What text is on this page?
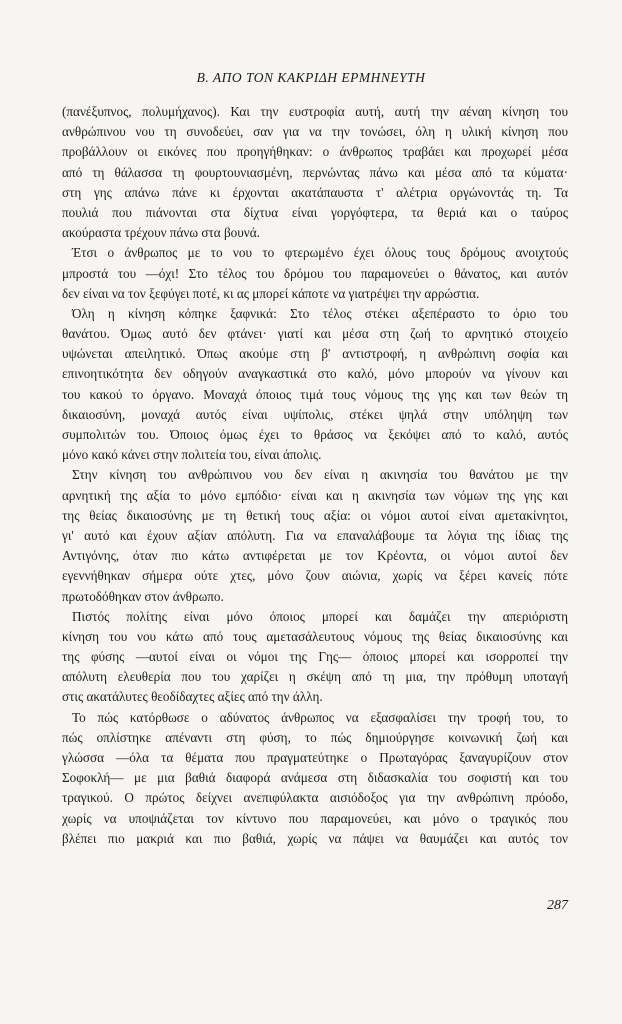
Β. ΑΠΟ ΤΟΝ ΚΑΚΡΙΔΗ ΕΡΜΗΝΕΥΤΗ
(πανέξυπνος, πολυμήχανος). Και την ευστροφία αυτή, αυτή την αέναη κίνηση του
ανθρώπινου νου τη συνοδεύει, σαν για να την τονώσει, όλη η υλική κίνηση που
προβάλλουν οι εικόνες που προηγήθηκαν: ο άνθρωπος τραβάει και προχωρεί μέσα
από τη θάλασσα τη φουρτουνιασμένη, περνώντας πάνω και μέσα από τα κύματα·
στη γης απάνω πάνε κι έρχονται ακατάπαυστα τ' αλέτρια οργώνοντάς τη. Τα
πουλιά που πιάνονται στα δίχτυα είναι γοργόφτερα, τα θεριά και ο ταύρος
ακούραστα τρέχουν πάνω στα βουνά.
Έτσι ο άνθρωπος με το νου το φτερωμένο έχει όλους τους δρόμους ανοιχτούς
μπροστά του —όχι! Στο τέλος του δρόμου του παραμονεύει ο θάνατος, και αυτόν
δεν είναι να τον ξεφύγει ποτέ, κι ας μπορεί κάποτε να γιατρέψει την αρρώστια.
Όλη η κίνηση κόπηκε ξαφνικά: Στο τέλος στέκει αξεπέραστο το όριο του
θανάτου. Όμως αυτό δεν φτάνει· γιατί και μέσα στη ζωή το αρνητικό στοιχείο
υψώνεται απειλητικό. Όπως ακούμε στη β' αντιστροφή, η ανθρώπινη σοφία και
επινοητικότητα δεν οδηγούν αναγκαστικά στο καλό, μόνο μπορούν να γίνουν και
του κακού το όργανο. Μοναχά όποιος τιμά τους νόμους της γης και των θεών τη
δικαιοσύνη, μοναχά αυτός είναι υψίπολις, στέκει ψηλά στην υπόληψη των
συμπολιτών του. Όποιος όμως έχει το θράσος να ξεκόψει από το καλό, αυτός
μόνο κακό κάνει στην πολιτεία του, είναι άπολις.
Στην κίνηση του ανθρώπινου νου δεν είναι η ακινησία του θανάτου με την
αρνητική της αξία το μόνο εμπόδιο· είναι και η ακινησία των νόμων της γης και
της θείας δικαιοσύνης με τη θετική τους αξία: οι νόμοι αυτοί είναι αμετακίνητοι,
γι' αυτό και έχουν αξίαν απόλυτη. Για να επαναλάβουμε τα λόγια της ίδιας της
Αντιγόνης, όταν πιο κάτω αντιφέρεται με τον Κρέοντα, οι νόμοι αυτοί δεν
εγεννήθηκαν σήμερα ούτε χτες, μόνο ζουν αιώνια, χωρίς να ξέρει κανείς πότε
πρωτοδόθηκαν στον άνθρωπο.
Πιστός πολίτης είναι μόνο όποιος μπορεί και δαμάζει την απεριόριστη
κίνηση του νου κάτω από τους αμετασάλευτους νόμους της θείας δικαιοσύνης και
της φύσης —αυτοί είναι οι νόμοι της Γης— όποιος μπορεί και ισορροπεί την
απόλυτη ελευθερία που του χαρίζει η σκέψη από τη μια, την πρόθυμη υποταγή
στις ακατάλυτες θεοδίδαχτες αξίες από την άλλη.
Το πώς κατόρθωσε ο αδύνατος άνθρωπος να εξασφαλίσει την τροφή του, το
πώς οπλίστηκε απέναντι στη φύση, το πώς δημιούργησε κοινωνική ζωή και
γλώσσα —όλα τα θέματα που πραγματεύτηκε ο Πρωταγόρας ξαναγυρίζουν στον
Σοφοκλή— με μια βαθιά διαφορά ανάμεσα στη διδασκαλία του σοφιστή και του
τραγικού. Ο πρώτος δείχνει ανεπιφύλακτα αισιόδοξος για την ανθρώπινη πρόοδο,
χωρίς να υποψιάζεται τον κίντυνο που παραμονεύει, και μόνο ο τραγικός που
βλέπει πιο μακριά και πιο βαθιά, χωρίς να πάψει να θαυμάζει και αυτός τον
287
